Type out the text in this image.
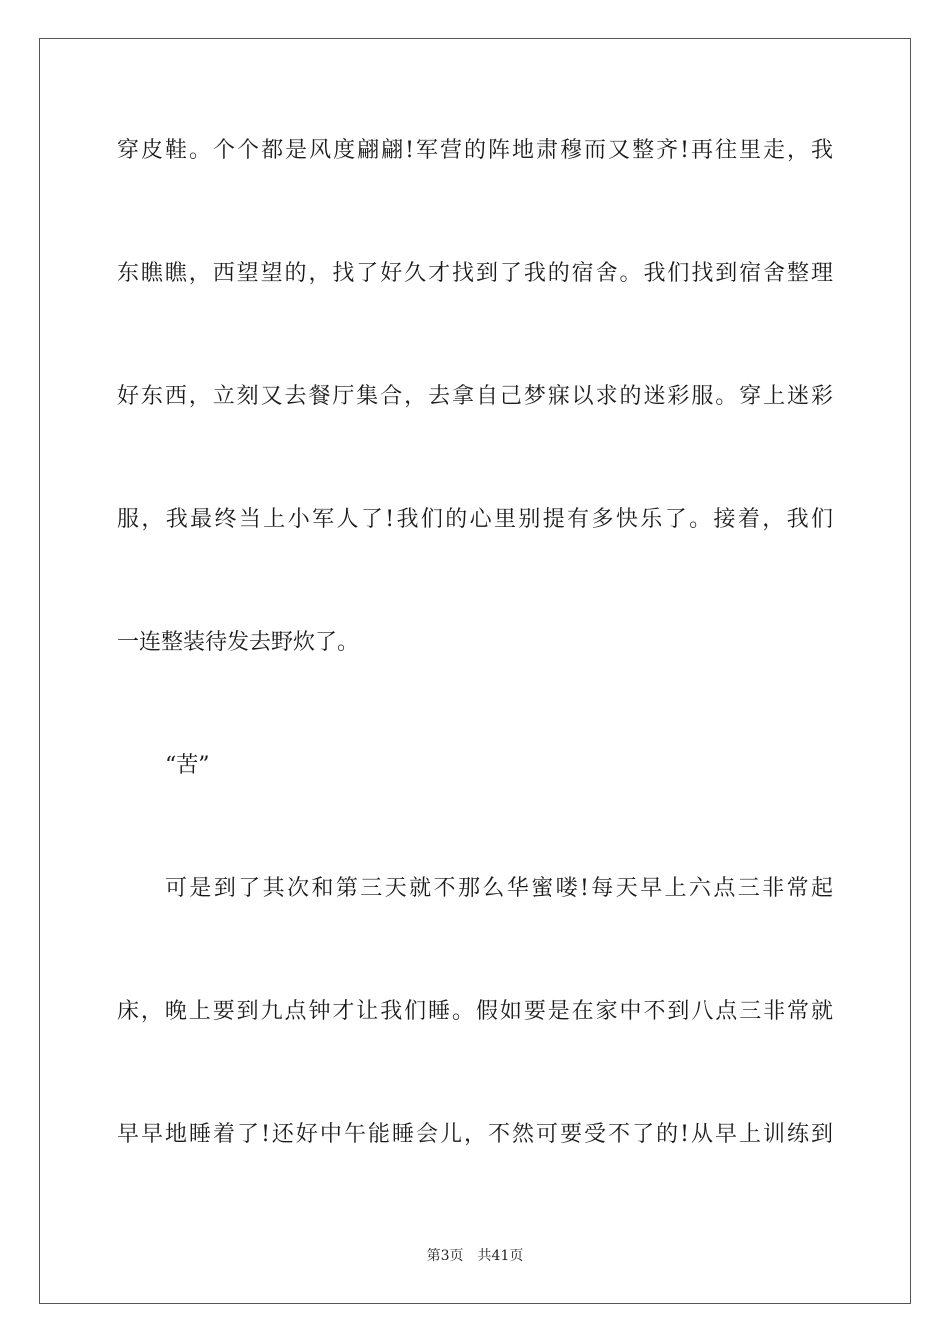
穿皮鞋。个个都是风度翩翩!军营的阵地肃穆而又整齐!再往里走，我
东瞧瞧，西望望的，找了好久才找到了我的宿舍。我们找到宿舍整理
好东西，立刻又去餐厅集合，去拿自己梦寐以求的迷彩服。穿上迷彩
服，我最终当上小军人了!我们的心里别提有多快乐了。接着，我们
一连整装待发去野炊了。
“苦”
可是到了其次和第三天就不那么华蜜喽!每天早上六点三非常起
床，晚上要到九点钟才让我们睡。假如要是在家中不到八点三非常就
早早地睡着了!还好中午能睡会儿，不然可要受不了的!从早上训练到
第3页 共41页
